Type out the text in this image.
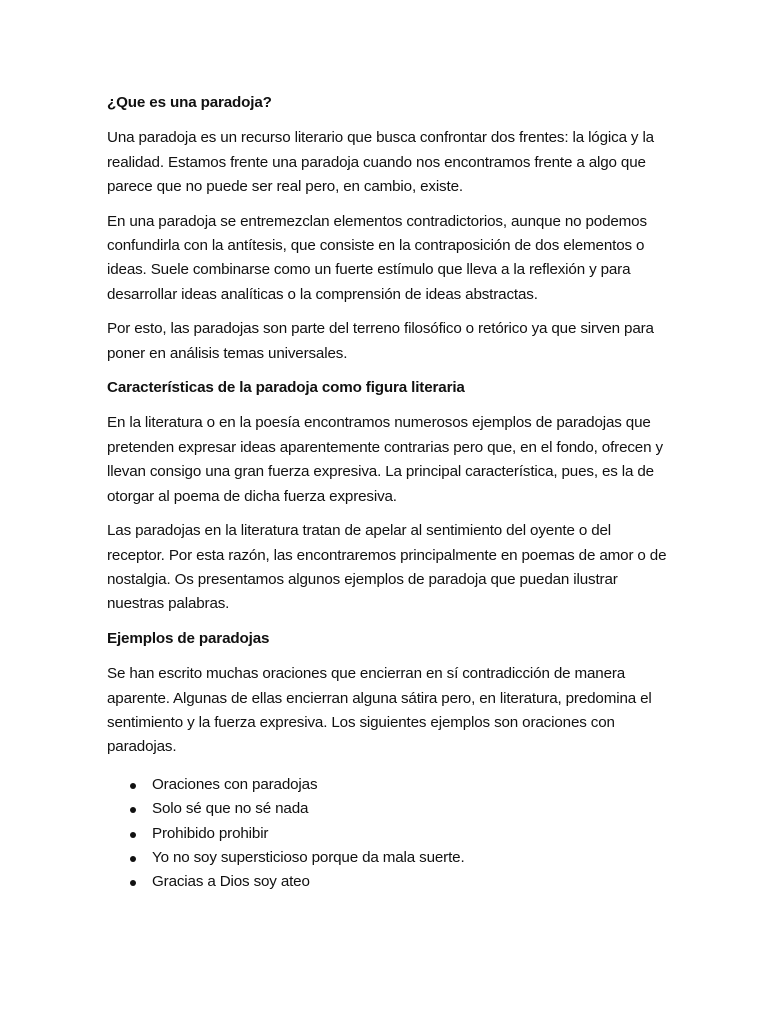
¿Que es una paradoja?

Una paradoja es un recurso literario que busca confrontar dos frentes: la lógica y la realidad. Estamos frente una paradoja cuando nos encontramos frente a algo que parece que no puede ser real pero, en cambio, existe.

En una paradoja se entremezclan elementos contradictorios, aunque no podemos confundirla con la antítesis, que consiste en la contraposición de dos elementos o ideas. Suele combinarse como un fuerte estímulo que lleva a la reflexión y para desarrollar ideas analíticas o la comprensión de ideas abstractas.

Por esto, las paradojas son parte del terreno filosófico o retórico ya que sirven para poner en análisis temas universales.

Características de la paradoja como figura literaria

En la literatura o en la poesía encontramos numerosos ejemplos de paradojas que pretenden expresar ideas aparentemente contrarias pero que, en el fondo, ofrecen y llevan consigo una gran fuerza expresiva. La principal característica, pues, es la de otorgar al poema de dicha fuerza expresiva.

Las paradojas en la literatura tratan de apelar al sentimiento del oyente o del receptor. Por esta razón, las encontraremos principalmente en poemas de amor o de nostalgia. Os presentamos algunos ejemplos de paradoja que puedan ilustrar nuestras palabras.

Ejemplos de paradojas

Se han escrito muchas oraciones que encierran en sí contradicción de manera aparente. Algunas de ellas encierran alguna sátira pero, en literatura, predomina el sentimiento y la fuerza expresiva. Los siguientes ejemplos son oraciones con paradojas.

Oraciones con paradojas
Solo sé que no sé nada
Prohibido prohibir
Yo no soy supersticioso porque da mala suerte.
Gracias a Dios soy ateo
